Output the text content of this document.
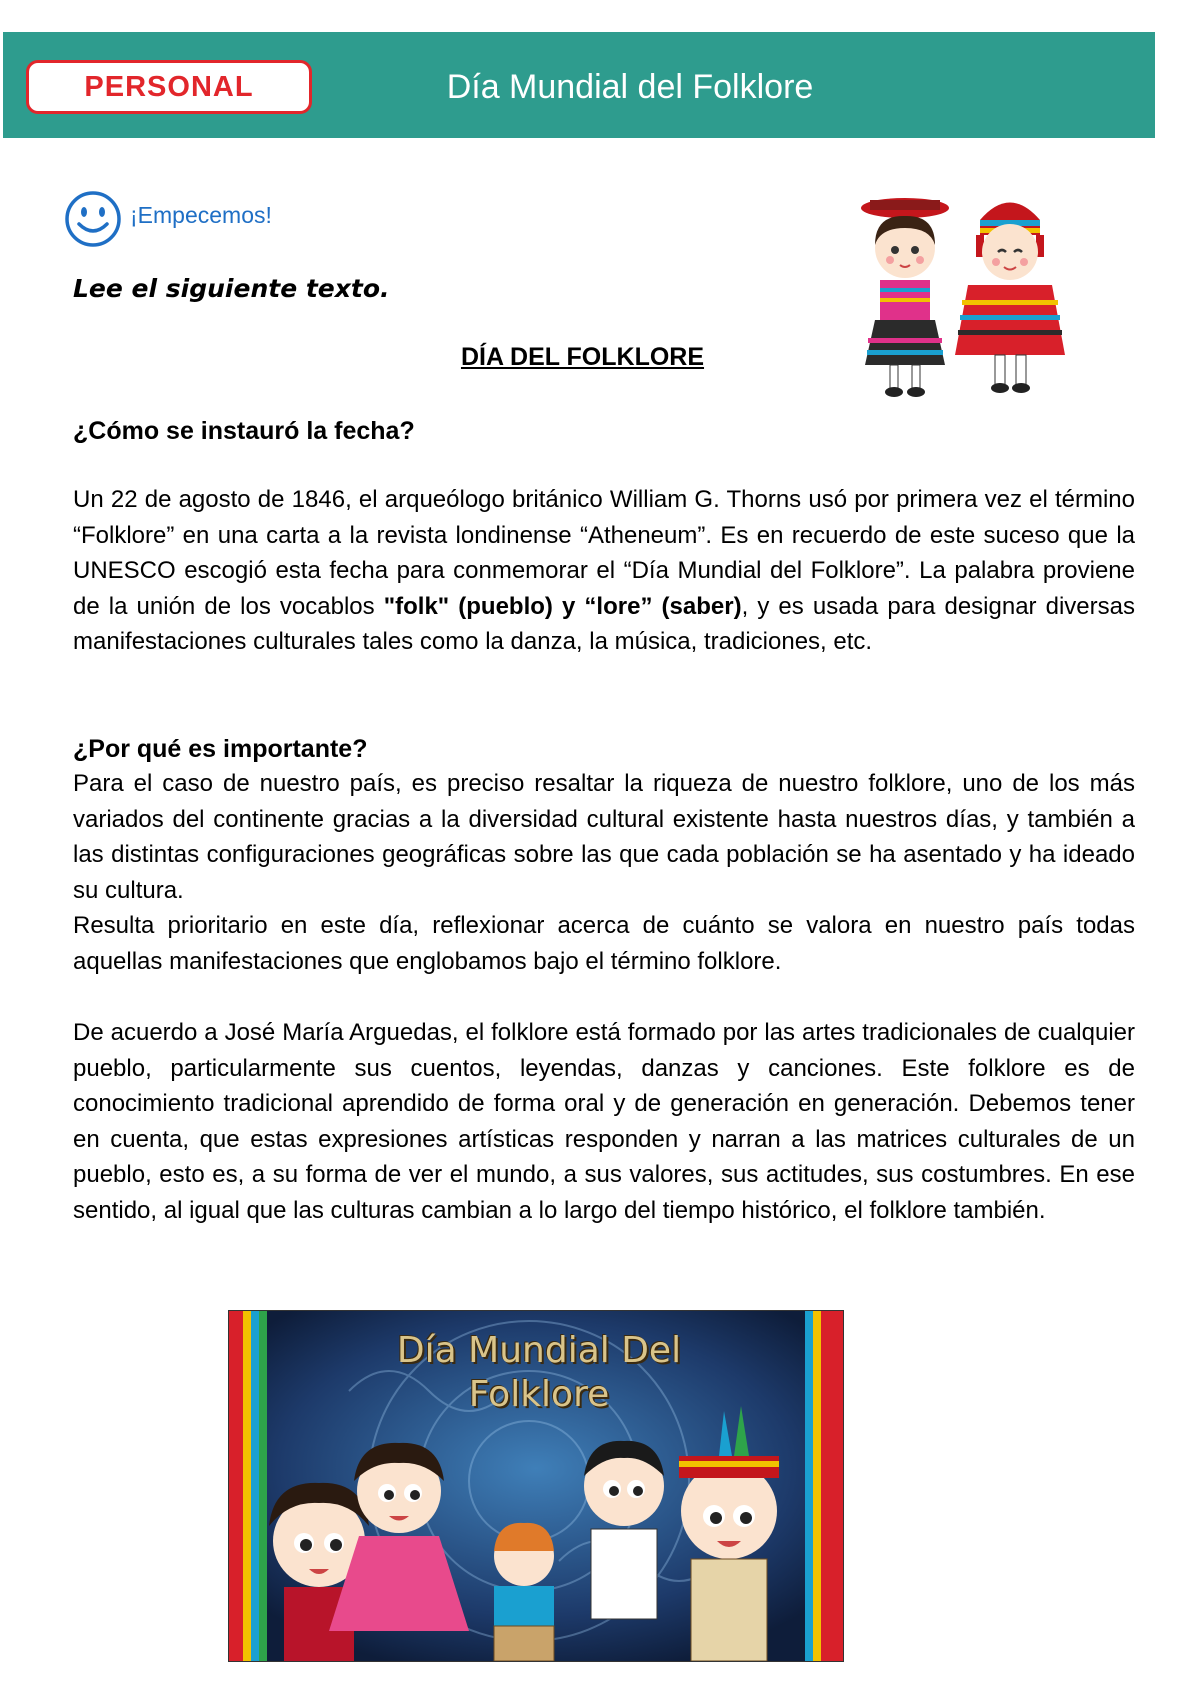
PERSONAL	Día Mundial del Folklore
¡Empecemos!
Lee el siguiente texto.
DÍA DEL FOLKLORE
¿Cómo se instauró la fecha?

Un 22 de agosto de 1846, el arqueólogo británico William G. Thorns usó por primera vez el término “Folklore” en una carta a la revista londinense “Atheneum”. Es en recuerdo de este suceso que la UNESCO escogió esta fecha para conmemorar el “Día Mundial del Folklore”. La palabra proviene de la unión de los vocablos "folk" (pueblo) y “lore” (saber), y es usada para designar diversas manifestaciones culturales tales como la danza, la música, tradiciones, etc.

¿Por qué es importante?

Para el caso de nuestro país, es preciso resaltar la riqueza de nuestro folklore, uno de los más variados del continente gracias a la diversidad cultural existente hasta nuestros días, y también a las distintas configuraciones geográficas sobre las que cada población se ha asentado y ha ideado su cultura.

Resulta prioritario en este día, reflexionar acerca de cuánto se valora en nuestro país todas aquellas manifestaciones que englobamos bajo el término folklore.

De acuerdo a José María Arguedas, el folklore está formado por las artes tradicionales de cualquier pueblo, particularmente sus cuentos, leyendas, danzas y canciones. Este folklore es de conocimiento tradicional aprendido de forma oral y de generación en generación. Debemos tener en cuenta, que estas expresiones artísticas responden y narran a las matrices culturales de un pueblo, esto es, a su forma de ver el mundo, a sus valores, sus actitudes, sus costumbres. En ese sentido, al igual que las culturas cambian a lo largo del tiempo histórico, el folklore también.

Día Mundial Del
Folklore
